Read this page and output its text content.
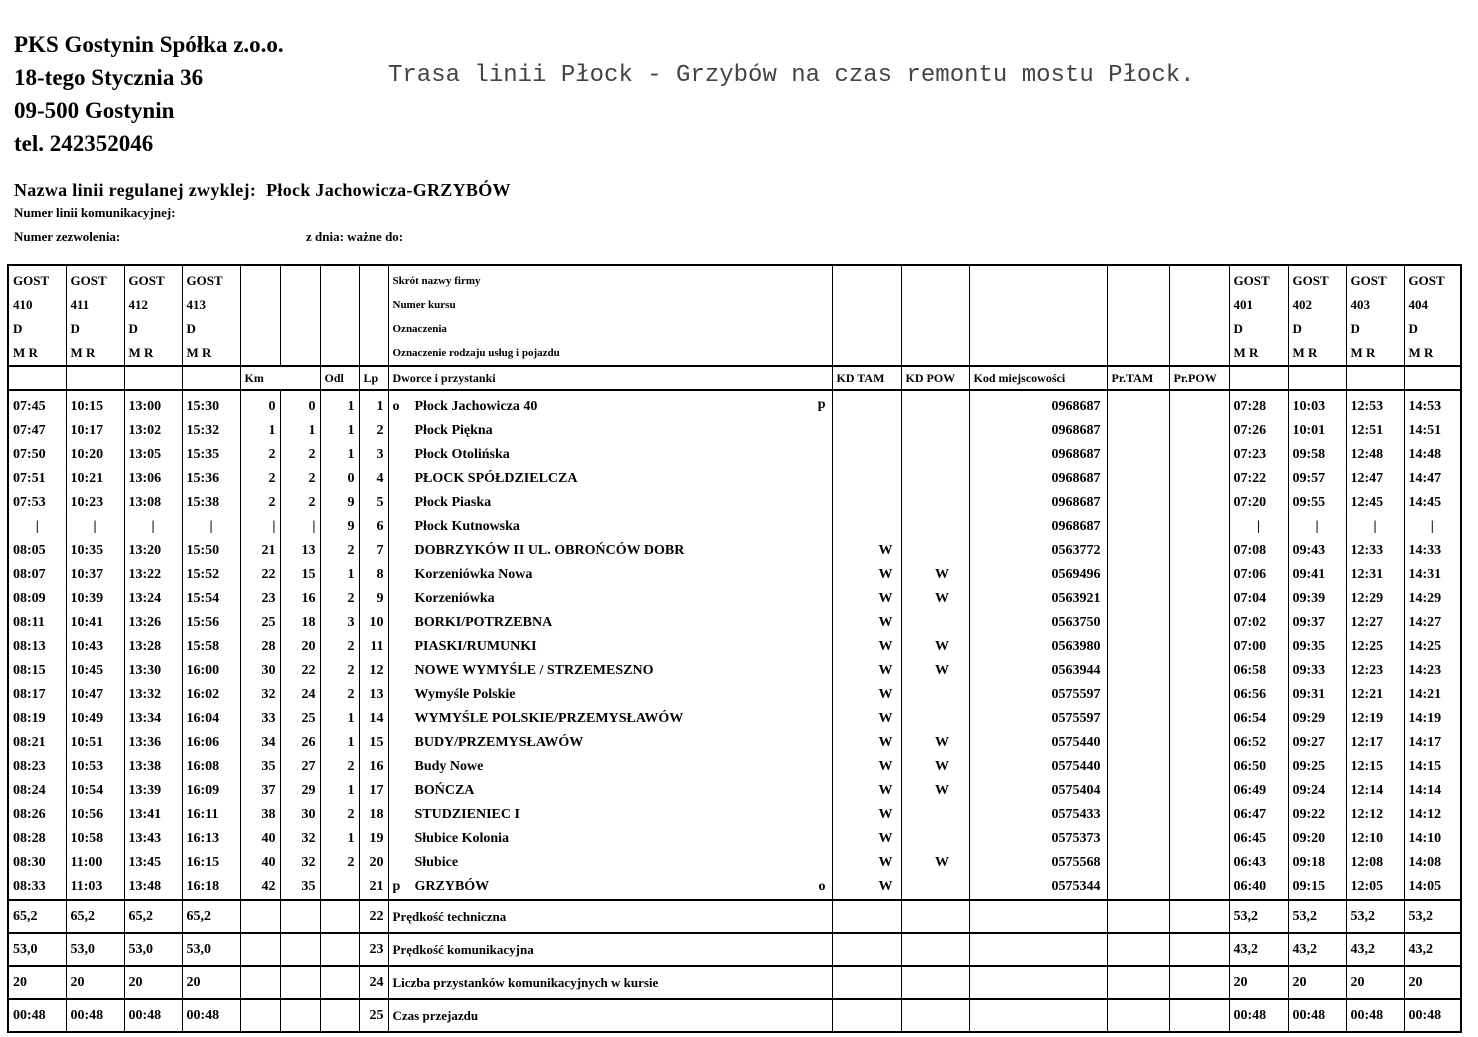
PKS Gostynin Spółka z.o.o.
18-tego Stycznia 36
09-500 Gostynin
tel. 242352046
Trasa linii Płock - Grzybów na czas remontu mostu Płock.
Nazwa linii regulanej zwyklej: Płock Jachowicza-GRZYBÓW
Numer linii komunikacyjnej:
Numer zezwolenia:	z dnia: ważne do:
GOST	GOST	GOST	GOST					Skrót nazwy firmy						GOST	GOST	GOST	GOST
410	411	412	413					Numer kursu						401	402	403	404
D	D	D	D					Oznaczenia						D	D	D	D
M R	M R	M R	M R					Oznaczenie rodzaju usług i pojazdu						M R	M R	M R	M R
				Km		Odl	Lp	Dworce i przystanki	KD TAM	KD POW	Kod miejscowości	Pr.TAM	Pr.POW				
07:45	10:15	13:00	15:30	0	0	1	1	o Płock Jachowicza 40 p			0968687			07:28	10:03	12:53	14:53
07:47	10:17	13:02	15:32	1	1	1	2	Płock Piękna			0968687			07:26	10:01	12:51	14:51
07:50	10:20	13:05	15:35	2	2	1	3	Płock Otolińska			0968687			07:23	09:58	12:48	14:48
07:51	10:21	13:06	15:36	2	2	0	4	PŁOCK SPÓŁDZIELCZA			0968687			07:22	09:57	12:47	14:47
07:53	10:23	13:08	15:38	2	2	9	5	Płock Piaska			0968687			07:20	09:55	12:45	14:45
|	|	|	|	|	|	9	6	Płock Kutnowska			0968687			|	|	|	|
08:05	10:35	13:20	15:50	21	13	2	7	DOBRZYKÓW II UL. OBROŃCÓW DOBR	W		0563772			07:08	09:43	12:33	14:33
08:07	10:37	13:22	15:52	22	15	1	8	Korzeniówka Nowa	W	W	0569496			07:06	09:41	12:31	14:31
08:09	10:39	13:24	15:54	23	16	2	9	Korzeniówka	W	W	0563921			07:04	09:39	12:29	14:29
08:11	10:41	13:26	15:56	25	18	3	10	BORKI/POTRZEBNA	W		0563750			07:02	09:37	12:27	14:27
08:13	10:43	13:28	15:58	28	20	2	11	PIASKI/RUMUNKI	W	W	0563980			07:00	09:35	12:25	14:25
08:15	10:45	13:30	16:00	30	22	2	12	NOWE WYMYŚLE / STRZEMESZNO	W	W	0563944			06:58	09:33	12:23	14:23
08:17	10:47	13:32	16:02	32	24	2	13	Wymyśle Polskie	W		0575597			06:56	09:31	12:21	14:21
08:19	10:49	13:34	16:04	33	25	1	14	WYMYŚLE POLSKIE/PRZEMYSŁAWÓW	W		0575597			06:54	09:29	12:19	14:19
08:21	10:51	13:36	16:06	34	26	1	15	BUDY/PRZEMYSŁAWÓW	W	W	0575440			06:52	09:27	12:17	14:17
08:23	10:53	13:38	16:08	35	27	2	16	Budy Nowe	W	W	0575440			06:50	09:25	12:15	14:15
08:24	10:54	13:39	16:09	37	29	1	17	BOŃCZA	W	W	0575404			06:49	09:24	12:14	14:14
08:26	10:56	13:41	16:11	38	30	2	18	STUDZIENIEC I	W		0575433			06:47	09:22	12:12	14:12
08:28	10:58	13:43	16:13	40	32	1	19	Słubice Kolonia	W		0575373			06:45	09:20	12:10	14:10
08:30	11:00	13:45	16:15	40	32	2	20	Słubice	W	W	0575568			06:43	09:18	12:08	14:08
08:33	11:03	13:48	16:18	42	35		21	p GRZYBÓW o	W		0575344			06:40	09:15	12:05	14:05
65,2	65,2	65,2	65,2				22	Prędkość techniczna						53,2	53,2	53,2	53,2
53,0	53,0	53,0	53,0				23	Prędkość komunikacyjna						43,2	43,2	43,2	43,2
20	20	20	20				24	Liczba przystanków komunikacyjnych w kursie						20	20	20	20
00:48	00:48	00:48	00:48				25	Czas przejazdu						00:48	00:48	00:48	00:48
